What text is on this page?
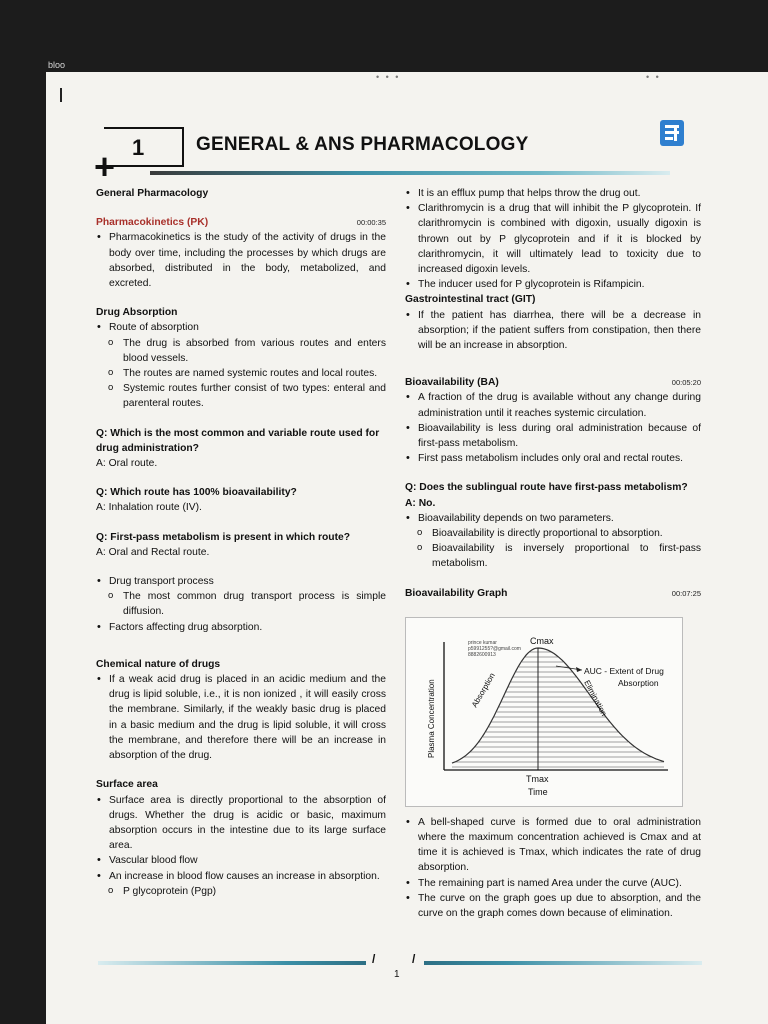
bloo
• • •	• •
1
+
GENERAL & ANS PHARMACOLOGY
General Pharmacology
Pharmacokinetics (PK)	00:00:35
• Pharmacokinetics is the study of the activity of drugs in the body over time, including the processes by which drugs are absorbed, distributed in the body, metabolized, and excreted.
Drug Absorption
• Route of absorption
o The drug is absorbed from various routes and enters blood vessels.
o The routes are named systemic routes and local routes.
o Systemic routes further consist of two types: enteral and parenteral routes.
Q: Which is the most common and variable route used for drug administration?
A: Oral route.
Q: Which route has 100% bioavailability?
A: Inhalation route (IV).
Q: First-pass metabolism is present in which route?
A: Oral and Rectal route.
• Drug transport process
o The most common drug transport process is simple diffusion.
• Factors affecting drug absorption.
Chemical nature of drugs
• If a weak acid drug is placed in an acidic medium and the drug is lipid soluble, i.e., it is non ionized , it will easily cross the membrane. Similarly, if the weakly basic drug is placed in a basic medium and the drug is lipid soluble, it will cross the membrane, and therefore there will be an increase in absorption of the drug.
Surface area
• Surface area is directly proportional to the absorption of drugs. Whether the drug is acidic or basic, maximum absorption occurs in the intestine due to its large surface area.
• Vascular blood flow
• An increase in blood flow causes an increase in absorption.
o P glycoprotein (Pgp)
• It is an efflux pump that helps throw the drug out.
• Clarithromycin is a drug that will inhibit the P glycoprotein. If clarithromycin is combined with digoxin, usually digoxin is thrown out by P glycoprotein and if it is blocked by clarithromycin, it will ultimately lead to toxicity due to increased digoxin levels.
• The inducer used for P glycoprotein is Rifampicin.
Gastrointestinal tract (GIT)
• If the patient has diarrhea, there will be a decrease in absorption; if the patient suffers from constipation, then there will be an increase in absorption.
Bioavailability (BA)	00:05:20
• A fraction of the drug is available without any change during administration until it reaches systemic circulation.
• Bioavailability is less during oral administration because of first-pass metabolism.
• First pass metabolism includes only oral and rectal routes.
Q: Does the sublingual route have first-pass metabolism?
A: No.
• Bioavailability depends on two parameters.
o Bioavailability is directly proportional to absorption.
o Bioavailability is inversely proportional to first-pass metabolism.
Bioavailability Graph	00:07:25
prince kumar
p5991255?@gmail.com
8882600913
Cmax
AUC - Extent of Drug
Absorption
Absorption	Elimination
Plasma Concentration
Tmax
Time
• A bell-shaped curve is formed due to oral administration where the maximum concentration achieved is Cmax and at time it is achieved is Tmax, which indicates the rate of drug absorption.
• The remaining part is named Area under the curve (AUC).
• The curve on the graph goes up due to absorption, and the curve on the graph comes down because of elimination.
/	/
1
